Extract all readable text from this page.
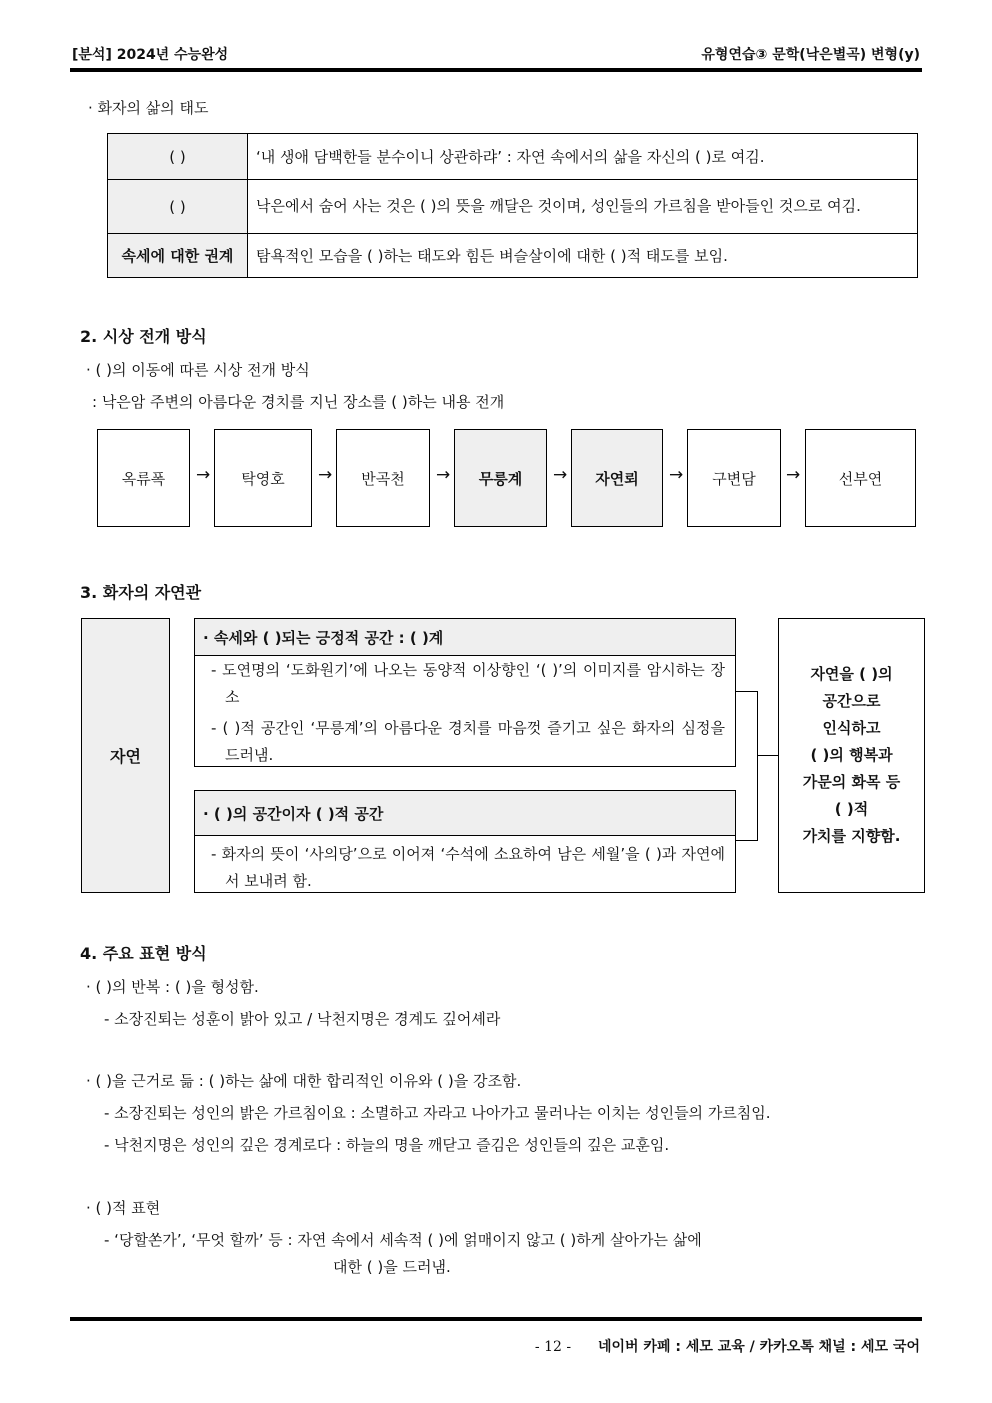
[분석] 2024년 수능완성	유형연습③ 문학(낙은별곡) 변형(y)
· 화자의 삶의 태도
( )	‘내 생애 담백한들 분수이니 상관하랴’ : 자연 속에서의 삶을 자신의 ( )로 여김.
( )	낙은에서 숨어 사는 것은 ( )의 뜻을 깨달은 것이며, 성인들의 가르침을 받아들인 것으로 여김.
속세에 대한 권계	탐욕적인 모습을 ( )하는 태도와 힘든 벼슬살이에 대한 ( )적 태도를 보임.
2. 시상 전개 방식
· ( )의 이동에 따른 시상 전개 방식
: 낙은암 주변의 아름다운 경치를 지닌 장소를 ( )하는 내용 전개
옥류폭	→	탁영호	→	반곡천	→	무릉계	→	자연뢰	→	구변담	→	선부연
3. 화자의 자연관
자연
· 속세와 ( )되는 긍정적 공간 : ( )계
- 도연명의 ‘도화원기’에 나오는 동양적 이상향인 ‘( )’의 이미지를 암시하는 장소
- ( )적 공간인 ‘무릉계’의 아름다운 경치를 마음껏 즐기고 싶은 화자의 심정을 드러냄.
· ( )의 공간이자 ( )적 공간
- 화자의 뜻이 ‘사의당’으로 이어져 ‘수석에 소요하여 남은 세월’을 ( )과 자연에서 보내려 함.
자연을 ( )의
공간으로
인식하고
( )의 행복과
가문의 화목 등
( )적
가치를 지향함.
4. 주요 표현 방식
· ( )의 반복 : ( )을 형성함.
- 소장진퇴는 성훈이 밝아 있고 / 낙천지명은 경계도 깊어셰라
· ( )을 근거로 듦 : ( )하는 삶에 대한 합리적인 이유와 ( )을 강조함.
- 소장진퇴는 성인의 밝은 가르침이요 : 소멸하고 자라고 나아가고 물러나는 이치는 성인들의 가르침임.
- 낙천지명은 성인의 깊은 경계로다 : 하늘의 명을 깨닫고 즐김은 성인들의 깊은 교훈임.
· ( )적 표현
- ‘당할쏜가’, ‘무엇 할까’ 등 : 자연 속에서 세속적 ( )에 얽매이지 않고 ( )하게 살아가는 삶에
대한 ( )을 드러냄.
- 12 - 네이버 카페 : 세모 교육 / 카카오톡 채널 : 세모 국어
